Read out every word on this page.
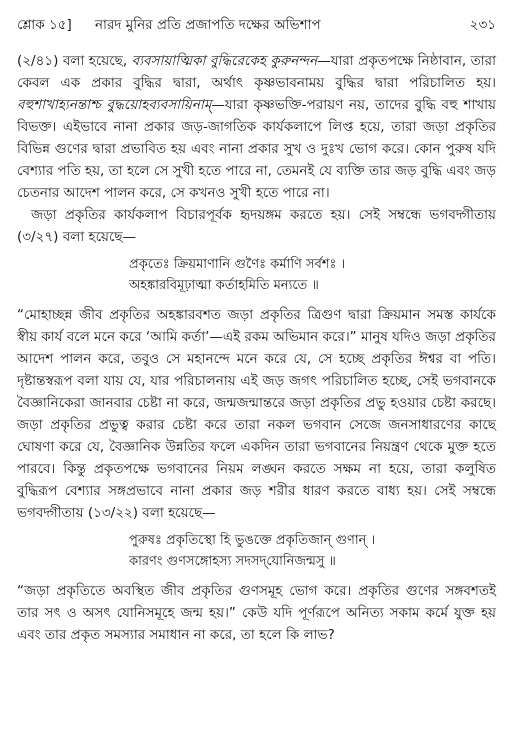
শ্লোক ১৫] নারদ মুনির প্রতি প্রজাপতি দক্ষের অভিশাপ	২৩১

(২/৪১) বলা হয়েছে, ব্যবসায়াত্মিকা বুদ্ধিরেকেহ কুরুনন্দন—যারা প্রকৃতপক্ষে নিষ্ঠাবান, তারা কেবল এক প্রকার বুদ্ধির দ্বারা, অর্থাৎ কৃষ্ণভাবনাময় বুদ্ধির দ্বারা পরিচালিত হয়। বহুশাখাহ্যনন্তাশ্চ বুদ্ধয়োহব্যবসায়িনাম্—যারা কৃষ্ণভক্তি-পরায়ণ নয়, তাদের বুদ্ধি বহু শাখায় বিভক্ত। এইভাবে নানা প্রকার জড়-জাগতিক কার্যকলাপে লিপ্ত হয়ে, তারা জড়া প্রকৃতির বিভিন্ন গুণের দ্বারা প্রভাবিত হয় এবং নানা প্রকার সুখ ও দুঃখ ভোগ করে। কোন পুরুষ যদি বেশ্যার পতি হয়, তা হলে সে সুখী হতে পারে না, তেমনই যে ব্যক্তি তার জড় বুদ্ধি এবং জড় চেতনার আদেশ পালন করে, সে কখনও সুখী হতে পারে না।

জড়া প্রকৃতির কার্যকলাপ বিচারপূর্বক হৃদয়ঙ্গম করতে হয়। সেই সম্বন্ধে ভগবদ্গীতায় (৩/২৭) বলা হয়েছে—

প্রকৃতেঃ ক্রিয়মাণানি গুণৈঃ কর্মাণি সর্বশঃ ।
অহঙ্কারবিমূঢ়াত্মা কর্তাহমিতি মন্যতে ॥

“মোহাচ্ছন্ন জীব প্রকৃতির অহঙ্কারবশত জড়া প্রকৃতির ত্রিগুণ দ্বারা ক্রিয়মান সমস্ত কার্যকে স্বীয় কার্য বলে মনে করে ‘আমি কর্তা’—এই রকম অভিমান করে।” মানুষ যদিও জড়া প্রকৃতির আদেশ পালন করে, তবুও সে মহানন্দে মনে করে যে, সে হচ্ছে প্রকৃতির ঈশ্বর বা পতি। দৃষ্টান্তস্বরূপ বলা যায় যে, যার পরিচালনায় এই জড় জগৎ পরিচালিত হচ্ছে, সেই ভগবানকে বৈজ্ঞানিকেরা জানবার চেষ্টা না করে, জন্মজন্মান্তরে জড়া প্রকৃতির প্রভু হওয়ার চেষ্টা করছে। জড়া প্রকৃতির প্রভুত্ব করার চেষ্টা করে তারা নকল ভগবান সেজে জনসাধারণের কাছে ঘোষণা করে যে, বৈজ্ঞানিক উন্নতির ফলে একদিন তারা ভগবানের নিয়ন্ত্রণ থেকে মুক্ত হতে পারবে। কিন্তু প্রকৃতপক্ষে ভগবানের নিয়ম লঙ্ঘন করতে সক্ষম না হয়ে, তারা কলুষিত বুদ্ধিরূপ বেশ্যার সঙ্গপ্রভাবে নানা প্রকার জড় শরীর ধারণ করতে বাধ্য হয়। সেই সম্বন্ধে ভগবদ্গীতায় (১৩/২২) বলা হয়েছে—

পুরুষঃ প্রকৃতিস্থো হি ভুঙক্তে প্রকৃতিজান্ গুণান্ ।
কারণং গুণসঙ্গোহস্য সদসদ্‌যোনিজন্মসু ॥

“জড়া প্রকৃতিতে অবস্থিত জীব প্রকৃতির গুণসমূহ ভোগ করে। প্রকৃতির গুণের সঙ্গবশতই তার সৎ ও অসৎ যোনিসমূহে জন্ম হয়।” কেউ যদি পূর্ণরূপে অনিত্য সকাম কর্মে যুক্ত হয় এবং তার প্রকৃত সমস্যার সমাধান না করে, তা হলে কি লাভ?
